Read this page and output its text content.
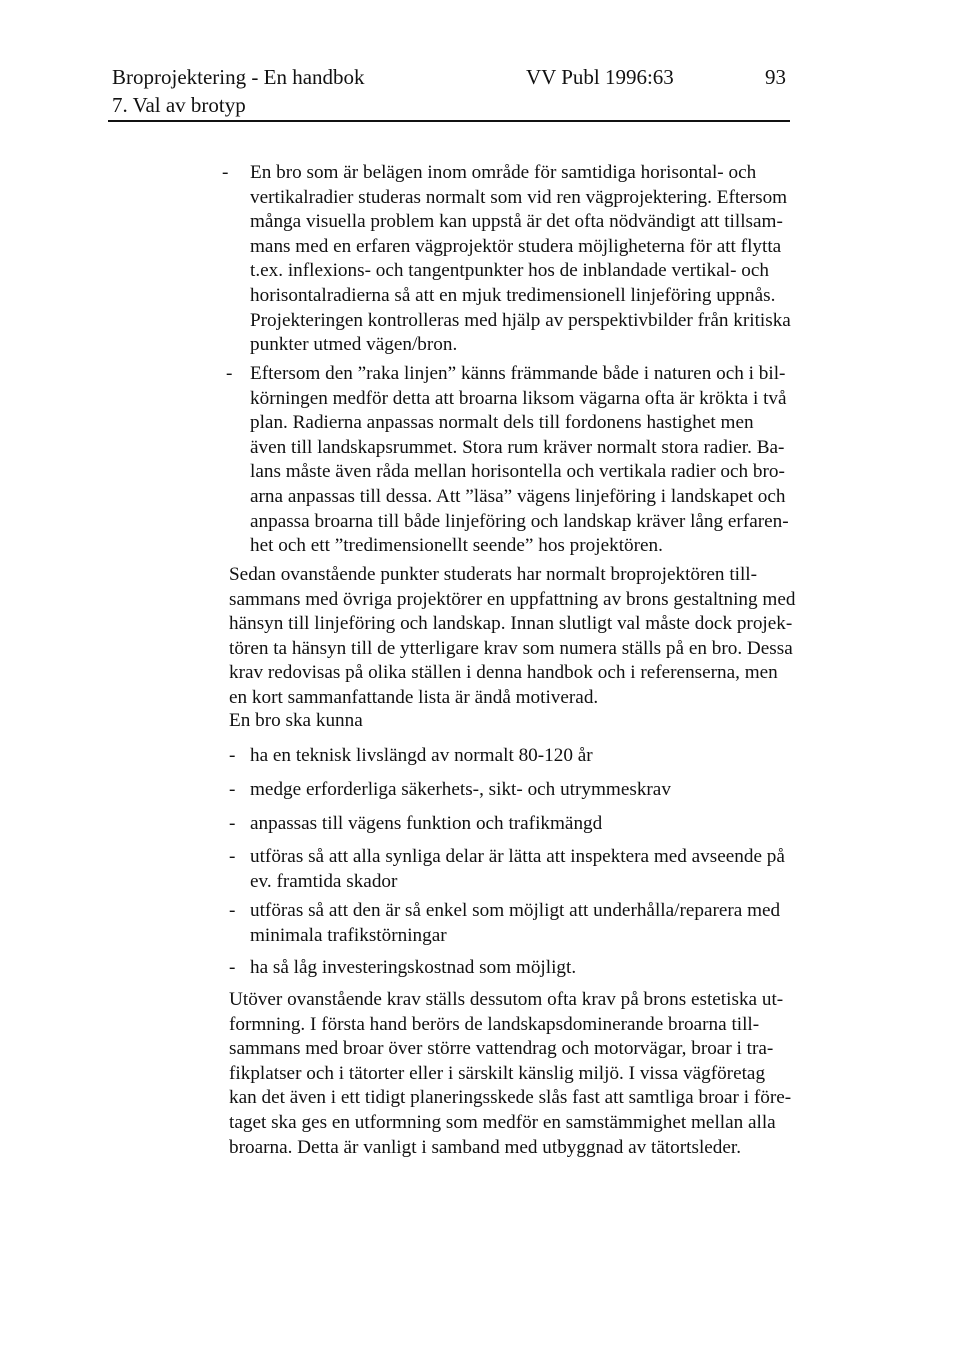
Broprojektering - En handbok
7. Val av brotyp
VV Publ 1996:63	93
- En bro som är belägen inom område för samtidiga horisontal- och

vertikalradier studeras normalt som vid ren vägprojektering. Eftersom

många visuella problem kan uppstå är det ofta nödvändigt att tillsam-

mans med en erfaren vägprojektör studera möjligheterna för att flytta

t.ex. inflexions- och tangentpunkter hos de inblandade vertikal- och

horisontalradierna så att en mjuk tredimensionell linjeföring uppnås.

Projekteringen kontrolleras med hjälp av perspektivbilder från kritiska

punkter utmed vägen/bron.

- Eftersom den ”raka linjen” känns främmande både i naturen och i bil-

körningen medför detta att broarna liksom vägarna ofta är krökta i två

plan. Radierna anpassas normalt dels till fordonens hastighet men

även till landskapsrummet. Stora rum kräver normalt stora radier. Ba-

lans måste även råda mellan horisontella och vertikala radier och bro-

arna anpassas till dessa. Att ”läsa” vägens linjeföring i landskapet och

anpassa broarna till både linjeföring och landskap kräver lång erfaren-

het och ett ”tredimensionellt seende” hos projektören.

Sedan ovanstående punkter studerats har normalt broprojektören till-

sammans med övriga projektörer en uppfattning av brons gestaltning med

hänsyn till linjeföring och landskap. Innan slutligt val måste dock projek-

tören ta hänsyn till de ytterligare krav som numera ställs på en bro. Dessa

krav redovisas på olika ställen i denna handbok och i referenserna, men

en kort sammanfattande lista är ändå motiverad.

En bro ska kunna
- ha en teknisk livslängd av normalt 80-120 år

- medge erforderliga säkerhets-, sikt- och utrymmeskrav

- anpassas till vägens funktion och trafikmängd

- utföras så att alla synliga delar är lätta att inspektera med avseende på

ev. framtida skador

- utföras så att den är så enkel som möjligt att underhålla/reparera med

minimala trafikstörningar

- ha så låg investeringskostnad som möjligt.

Utöver ovanstående krav ställs dessutom ofta krav på brons estetiska ut-

formning. I första hand berörs de landskapsdominerande broarna till-

sammans med broar över större vattendrag och motorvägar, broar i tra-

fikplatser och i tätorter eller i särskilt känslig miljö. I vissa vägföretag

kan det även i ett tidigt planeringsskede slås fast att samtliga broar i före-

taget ska ges en utformning som medför en samstämmighet mellan alla

broarna. Detta är vanligt i samband med utbyggnad av tätortsleder.
